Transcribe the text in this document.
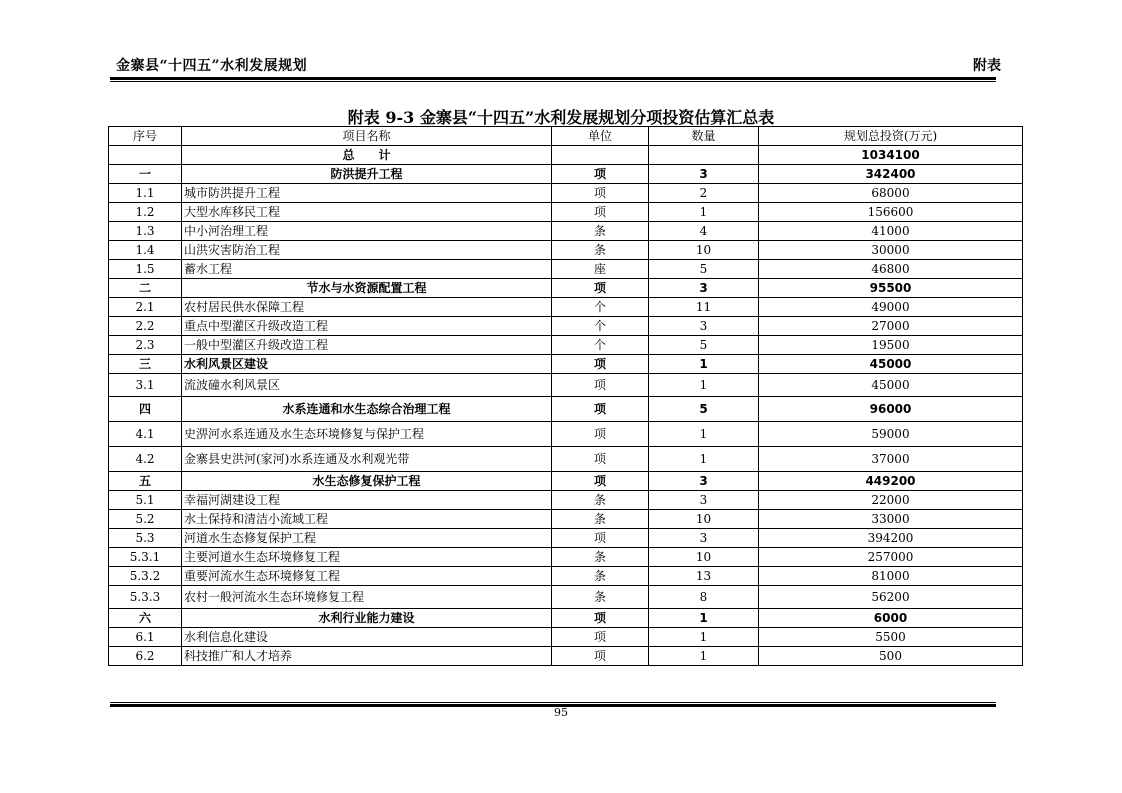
金寨县“十四五”水利发展规划	附表
附表 9-3 金寨县“十四五”水利发展规划分项投资估算汇总表
序号	项目名称	单位	数量	规划总投资(万元)
	总　　计			1034100
一	防洪提升工程	项	3	342400
1.1	城市防洪提升工程	项	2	68000
1.2	大型水库移民工程	项	1	156600
1.3	中小河治理工程	条	4	41000
1.4	山洪灾害防治工程	条	10	30000
1.5	蓄水工程	座	5	46800
二	节水与水资源配置工程	项	3	95500
2.1	农村居民供水保障工程	个	11	49000
2.2	重点中型灌区升级改造工程	个	3	27000
2.3	一般中型灌区升级改造工程	个	5	19500
三	水利风景区建设	项	1	45000
3.1	流波䃥水利风景区	项	1	45000
四	水系连通和水生态综合治理工程	项	5	96000
4.1	史淠河水系连通及水生态环境修复与保护工程	项	1	59000
4.2	金寨县史洪河(家河)水系连通及水利观光带	项	1	37000
五	水生态修复保护工程	项	3	449200
5.1	幸福河湖建设工程	条	3	22000
5.2	水土保持和清洁小流域工程	条	10	33000
5.3	河道水生态修复保护工程	项	3	394200
5.3.1	主要河道水生态环境修复工程	条	10	257000
5.3.2	重要河流水生态环境修复工程	条	13	81000
5.3.3	农村一般河流水生态环境修复工程	条	8	56200
六	水利行业能力建设	项	1	6000
6.1	水利信息化建设	项	1	5500
6.2	科技推广和人才培养	项	1	500
95
